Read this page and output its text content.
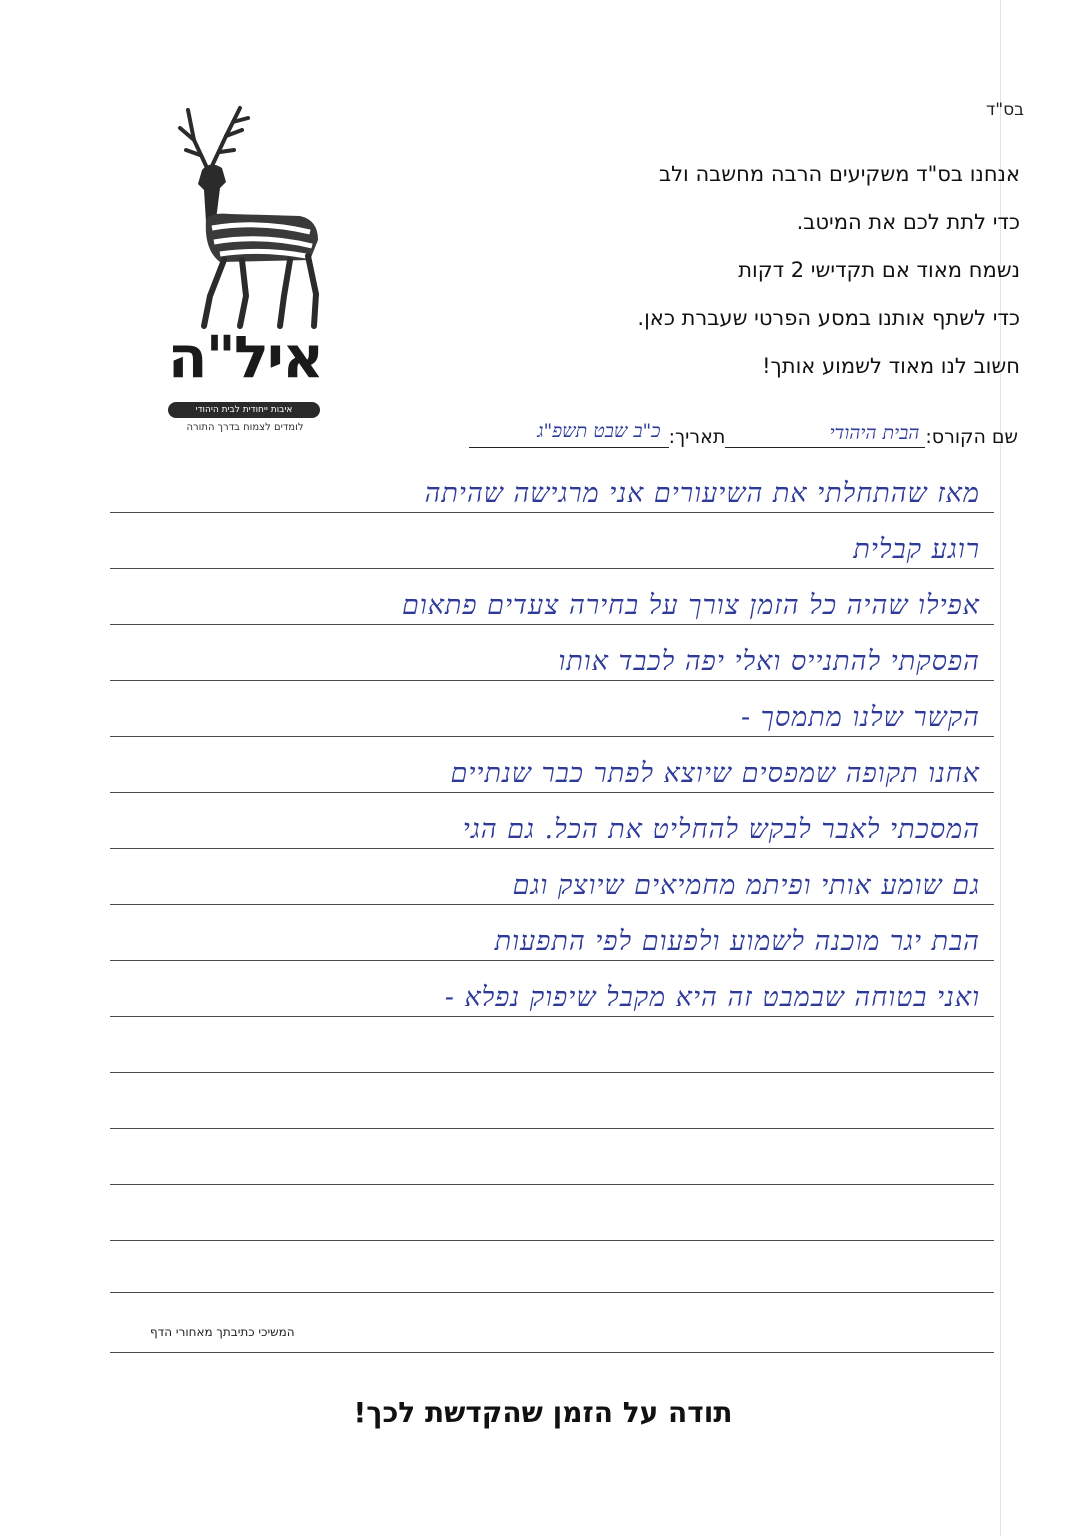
בס"ד
איל"ה
איבות ייחודית לבית היהודי
לומדים לצמוח בדרך התורה
אנחנו בס"ד משקיעים הרבה מחשבה ולב
כדי לתת לכם את המיטב.
נשמח מאוד אם תקדישי 2 דקות
כדי לשתף אותנו במסע הפרטי שעברת כאן.
חשוב לנו מאוד לשמוע אותך!
שם הקורס:
הבית היהודי
תאריך:
כ"ב שבט תשפ"ג
מאז שהתחלתי את השיעורים אני מרגישה שהיתה
רוגע קבלית
אפילו שהיה כל הזמן צורך על בחירה צעדים פתאום
הפסקתי להתנייס ואלי יפה לכבד אותו
הקשר שלנו מתמסך -
אחנו תקופה שמפסים שיוצא לפתר כבר שנתיים
המסכתי לאבר לבקש להחליט את הכל. גם הגי
גם שומע אותי ופיתמ מחמיאים שיוצק וגם
הבת יגר מוכנה לשמוע ולפעום לפי התפעות
ואני בטוחה שבמבט זה היא מקבל שיפוק נפלא -
המשיכי כתיבתך מאחורי הדף
תודה על הזמן שהקדשת לכך!
